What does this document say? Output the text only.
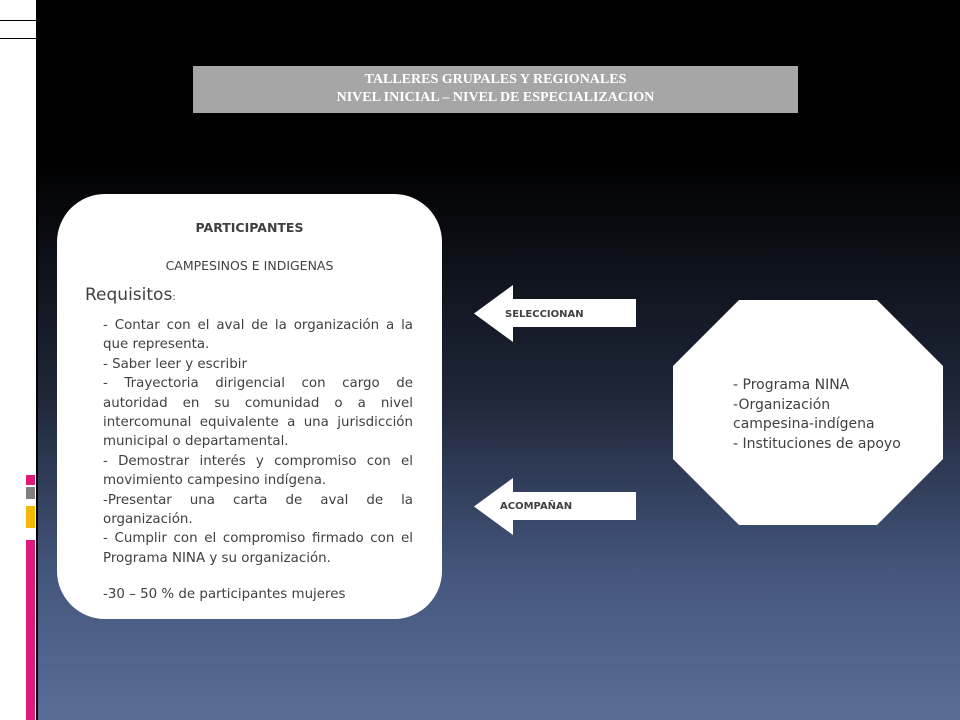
TALLERES GRUPALES Y REGIONALES
NIVEL INICIAL – NIVEL DE ESPECIALIZACION
PARTICIPANTES
CAMPESINOS E INDIGENAS
Requisitos:
- Contar con el aval de la organización a la que representa.
- Saber leer y escribir
- Trayectoria dirigencial con cargo de autoridad en su comunidad o a nivel intercomunal equivalente a una jurisdicción municipal o departamental.
- Demostrar interés y compromiso con el movimiento campesino indígena.
-Presentar una carta de aval de la organización.
- Cumplir con el compromiso firmado con el Programa NINA y su organización.
-30 – 50 % de participantes mujeres
SELECCIONAN
ACOMPAÑAN
- Programa NINA
-Organización campesina-indígena
- Instituciones de apoyo
